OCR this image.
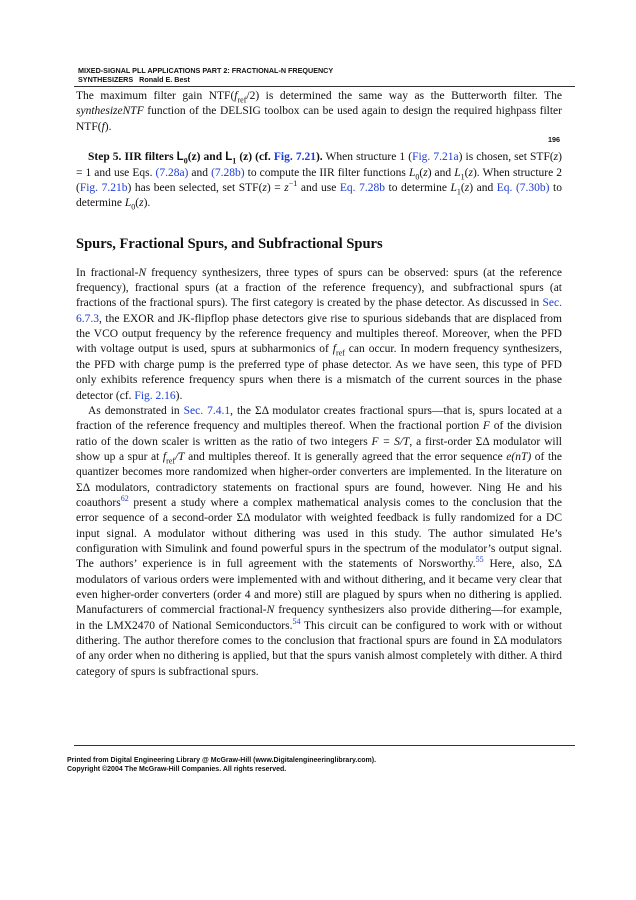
MIXED-SIGNAL PLL APPLICATIONS PART 2: FRACTIONAL-N FREQUENCY
SYNTHESIZERS Ronald E. Best
196

The maximum filter gain $NTF(f_{ref}/2)$ is determined the same way as the Butterworth filter. The synthesizeNTF function of the DELSIG toolbox can be used again to design the required highpass filter NTF(f).

Step 5. IIR filters $L_0(z)$ and $L_1$ (z) (cf. Fig. 7.21). When structure 1 (Fig. 7.21a) is chosen, set STF(z) = 1 and use Eqs. (7.28a) and (7.28b) to compute the IIR filter functions $L_0(z)$ and $L_1(z)$. When structure 2 (Fig. 7.21b) has been selected, set $STF(z) = z^{-1}$ and use Eq. 7.28b to determine $L_1(z)$ and Eq. (7.30b) to determine $L_0(z)$.

Spurs, Fractional Spurs, and Subfractional Spurs

In fractional-N frequency synthesizers, three types of spurs can be observed: spurs (at the reference frequency), fractional spurs (at a fraction of the reference frequency), and subfractional spurs (at fractions of the fractional spurs). The first category is created by the phase detector. As discussed in Sec. 6.7.3, the EXOR and JK-flipflop phase detectors give rise to spurious sidebands that are displaced from the VCO output frequency by the reference frequency and multiples thereof. Moreover, when the PFD with voltage output is used, spurs at subharmonics of $f_{ref}$ can occur. In modern frequency synthesizers, the PFD with charge pump is the preferred type of phase detector. As we have seen, this type of PFD only exhibits reference frequency spurs when there is a mismatch of the current sources in the phase detector (cf. Fig. 2.16).

As demonstrated in Sec. 7.4.1, the ΣΔ modulator creates fractional spurs—that is, spurs located at a fraction of the reference frequency and multiples thereof. When the fractional portion F of the division ratio of the down scaler is written as the ratio of two integers F = S/T, a first-order ΣΔ modulator will show up a spur at $f_{ref}/T$ and multiples thereof. It is generally agreed that the error sequence e(nT) of the quantizer becomes more randomized when higher-order converters are implemented. In the literature on ΣΔ modulators, contradictory statements on fractional spurs are found, however. Ning He and his coauthors$^{62}$ present a study where a complex mathematical analysis comes to the conclusion that the error sequence of a second-order ΣΔ modulator with weighted feedback is fully randomized for a DC input signal. A modulator without dithering was used in this study. The author simulated He’s configuration with Simulink and found powerful spurs in the spectrum of the modulator’s output signal. The authors’ experience is in full agreement with the statements of Norsworthy.$^{55}$ Here, also, ΣΔ modulators of various orders were implemented with and without dithering, and it became very clear that even higher-order converters (order 4 and more) still are plagued by spurs when no dithering is applied. Manufacturers of commercial fractional-N frequency synthesizers also provide dithering—for example, in the LMX2470 of National Semiconductors.$^{54}$ This circuit can be configured to work with or without dithering. The author therefore comes to the conclusion that fractional spurs are found in ΣΔ modulators of any order when no dithering is applied, but that the spurs vanish almost completely with dither. A third category of spurs is subfractional spurs.

Printed from Digital Engineering Library @ McGraw-Hill (www.Digitalengineeringlibrary.com).
Copyright ©2004 The McGraw-Hill Companies. All rights reserved.
